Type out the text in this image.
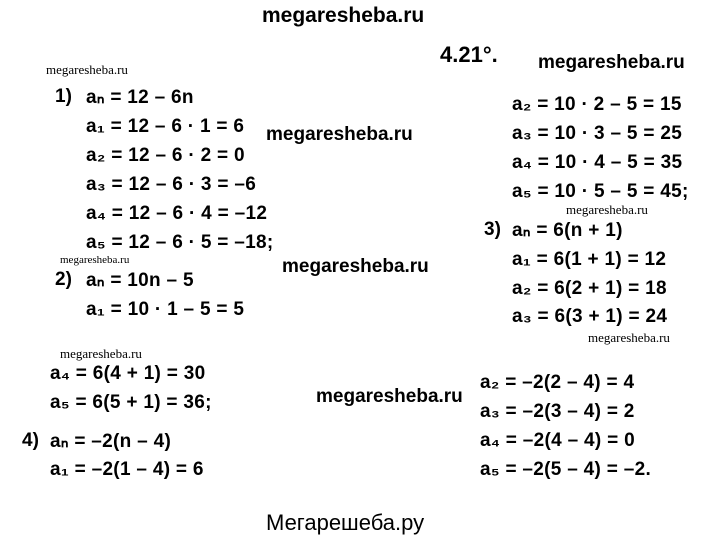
megaresheba.ru
4.21°. megaresheba.ru
megaresheba.ru
1) aₙ = 12 – 6n
a₁ = 12 – 6 · 1 = 6
a₂ = 12 – 6 · 2 = 0
a₃ = 12 – 6 · 3 = –6
a₄ = 12 – 6 · 4 = –12
a₅ = 12 – 6 · 5 = –18;
megaresheba.ru
megaresheba.ru
2) aₙ = 10n – 5
a₁ = 10 · 1 – 5 = 5
megaresheba.ru
a₂ = 10 · 2 – 5 = 15
a₃ = 10 · 3 – 5 = 25
a₄ = 10 · 4 – 5 = 35
a₅ = 10 · 5 – 5 = 45;
megaresheba.ru
3) aₙ = 6(n + 1)
a₁ = 6(1 + 1) = 12
a₂ = 6(2 + 1) = 18
a₃ = 6(3 + 1) = 24
megaresheba.ru
megaresheba.ru
a₄ = 6(4 + 1) = 30
a₅ = 6(5 + 1) = 36;	megaresheba.ru
4) aₙ = –2(n – 4)
a₁ = –2(1 – 4) = 6
a₂ = –2(2 – 4) = 4
a₃ = –2(3 – 4) = 2
a₄ = –2(4 – 4) = 0
a₅ = –2(5 – 4) = –2.
Мегарешеба.ру
